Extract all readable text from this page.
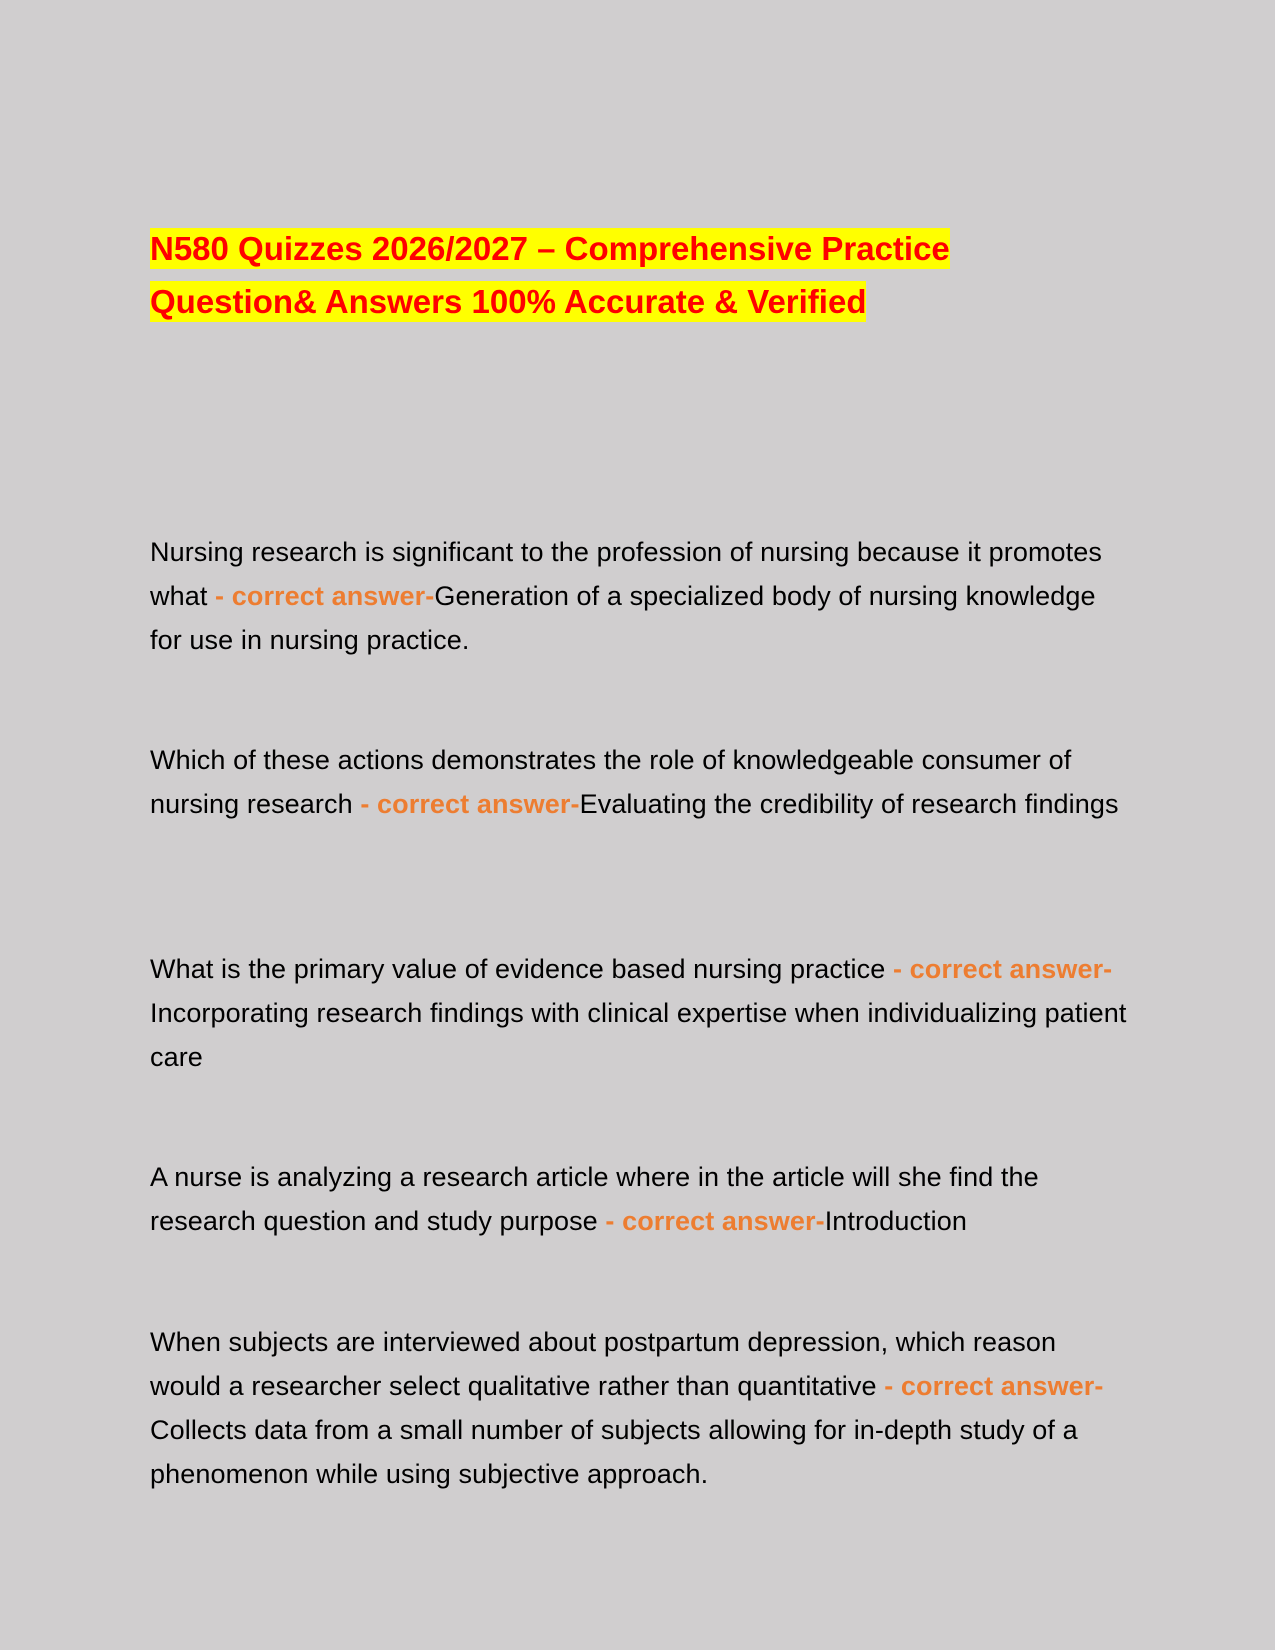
N580 Quizzes 2026/2027 – Comprehensive Practice Question& Answers 100% Accurate & Verified

Nursing research is significant to the profession of nursing because it promotes what - correct answer-Generation of a specialized body of nursing knowledge for use in nursing practice.

Which of these actions demonstrates the role of knowledgeable consumer of nursing research - correct answer-Evaluating the credibility of research findings

What is the primary value of evidence based nursing practice - correct answer-Incorporating research findings with clinical expertise when individualizing patient care

A nurse is analyzing a research article where in the article will she find the research question and study purpose - correct answer-Introduction

When subjects are interviewed about postpartum depression, which reason would a researcher select qualitative rather than quantitative - correct answer-Collects data from a small number of subjects allowing for in-depth study of a phenomenon while using subjective approach.
